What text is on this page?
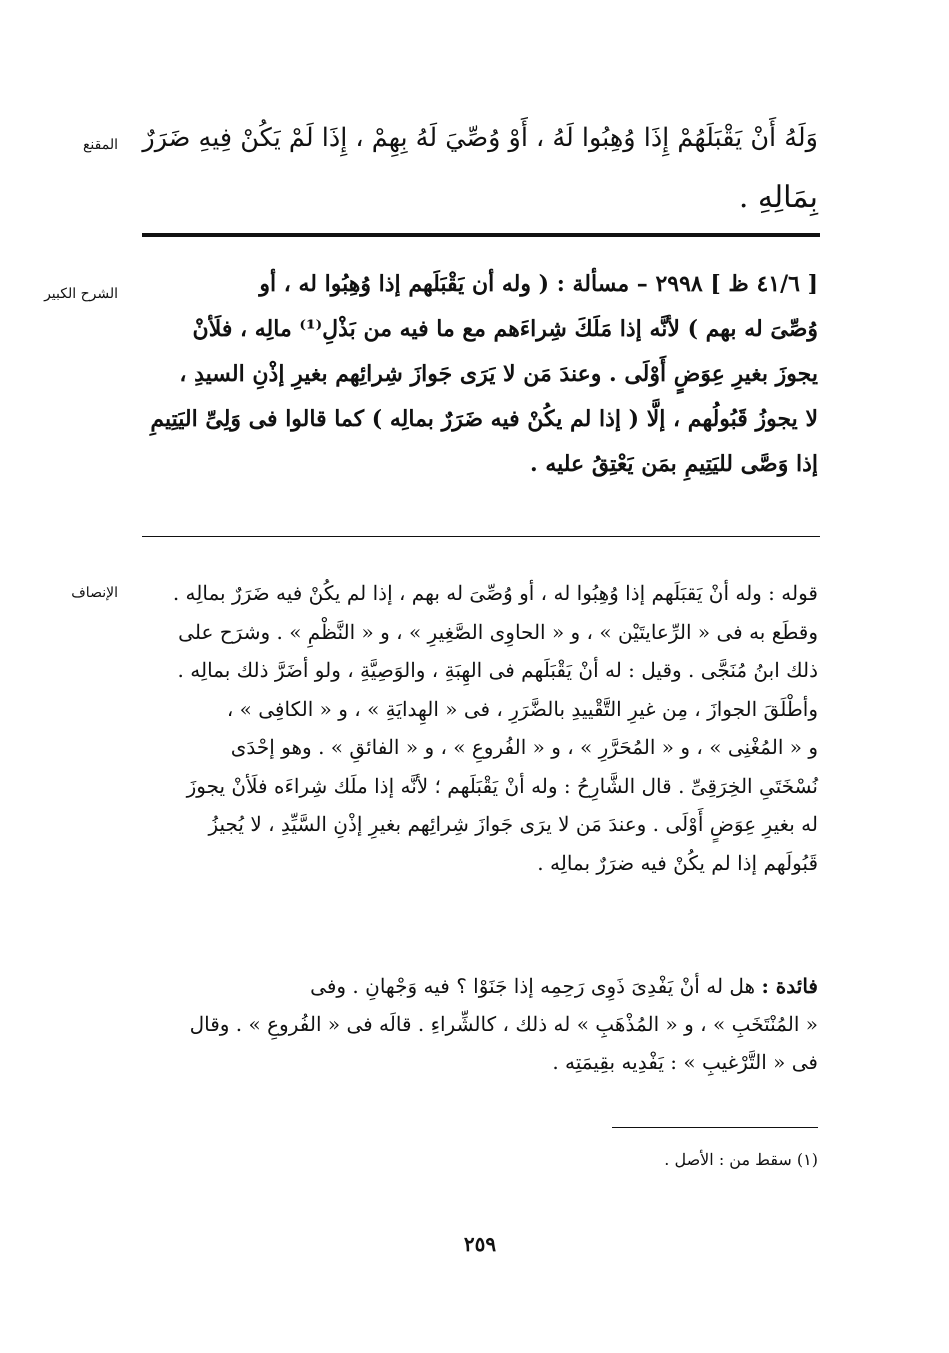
المقنع وَلَهُ أَنْ يَقْبَلَهُمْ إِذَا وُهِبُوا لَهُ ، أَوْ وُصِّيَ لَهُ بِهِمْ ، إِذَا لَمْ يَكُنْ فِيهِ ضَرَرٌ
بِمَالِهِ .
الشرح الكبير	[ ٤١/٦ ظ ] ٢٩٩٨ – مسألة : ( وله أن يَقْبَلَهم إذا وُهِبُوا له ، أو
وُصِّىَ له بهم ) لأنَّه إذا مَلَكَ شِراءَهم مع ما فيه من بَذْلِ⁽¹⁾ مالِه ، فلَأنْ
يجوزَ بغيرِ عِوَضٍ أَوْلَى . وعندَ مَن لا يَرَى جَوازَ شِرائِهم بغيرِ إذْنِ السيدِ ،
لا يجوزُ قَبُولُهم ، إلَّا ( إذا لم يكُنْ فيه ضَرَرٌ بمالِه ) كما قالوا فى وَلِىِّ اليَتِيمِ
إذا وَصَّى لليَتِيمِ بمَن يَعْتِقُ عليه .
الإنصاف	قوله : وله أنْ يَقبَلَهم إذا وُهِبُوا له ، أو وُصِّىَ له بهم ، إذا لم يكُنْ فيه ضَرَرٌ بمالِه .
وقطَع به فى « الرِّعايتَيْن » ، و « الحاوِى الصَّغِيرِ » ، و « النَّظْمِ » . وشرَح على
ذلك ابنُ مُنَجَّى . وقيل : له أنْ يَقْبَلَهم فى الهِبَةِ ، والوَصِيَّةِ ، ولو أضَرَّ ذلك بمالِه .
وأطْلَقَ الجوازَ ، مِن غيرِ التَّقْييدِ بالضَّرَرِ ، فى « الهِدايَةِ » ، و « الكافِى » ،
و « المُغْنِى » ، و « المُحَرَّرِ » ، و « الفُروعِ » ، و « الفائقِ » . وهو إحْدَى
نُسْخَتَىِ الخِرَقِىِّ . قال الشَّارِحُ : وله أنْ يَقْبَلَهم ؛ لأنَّه إذا ملَك شِراءَه فلَأنْ يجوزَ
له بغيرِ عِوَضٍ أَوْلَى . وعندَ مَن لا يرَى جَوازَ شِرائِهم بغيرِ إذْنِ السَّيِّدِ ، لا يُجيزُ
قَبُولَهم إذا لم يكُنْ فيه ضرَرٌ بمالِه .
فائدة : هل له أنْ يَفْدِىَ ذَوِى رَحِمِه إذا جَنَوْا ؟ فيه وَجْهانِ . وفى
« المُنْتَخَبِ » ، و « المُذْهَبِ » له ذلك ، كالشِّراءِ . قالَه فى « الفُروعِ » . وقال
فى « التَّرْغيبِ » : يَفْدِيه بقِيمَتِه .
(١) سقط من : الأصل .
٢٥٩
